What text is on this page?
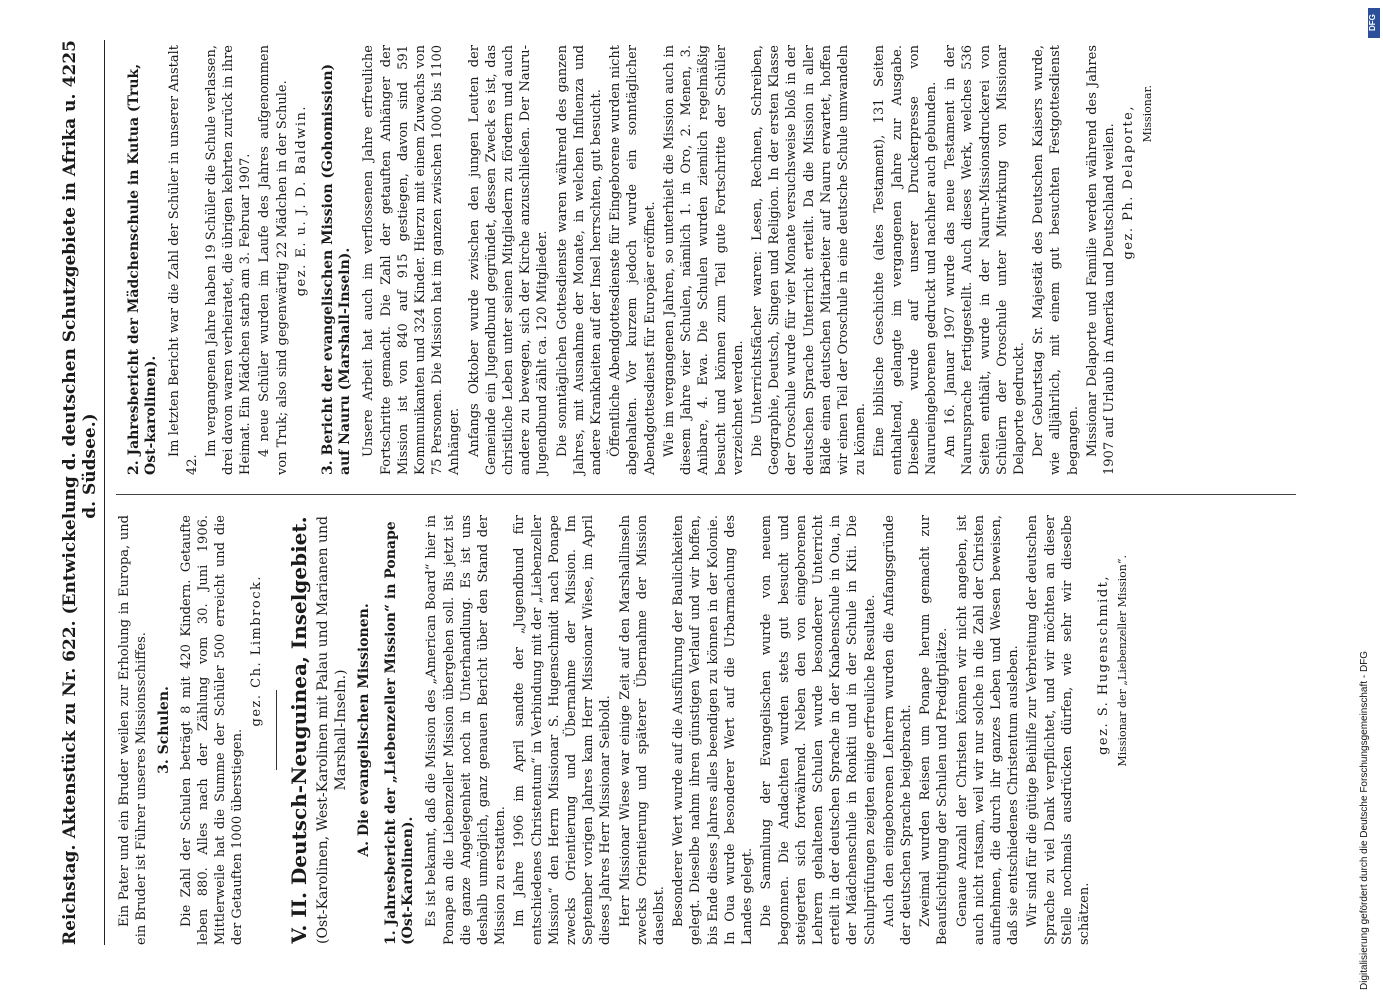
Reichstag.
Aktenstück zu Nr. 622. (Entwickelung d. deutschen Schutzgebiete in Afrika u. d. Südsee.)
4225

Ein Pater und ein Bruder weilen zur Erholung in Europa, und ein Bruder ist Führer unseres Missionsschiffes. 3. Schulen. Die Zahl der Schulen beträgt 8 mit 420 Kindern. Getaufte leben 880. Alles nach der Zählung vom 30. Juni 1906. Mittlerweile hat die Summe der Schüler 500 erreicht und die der Getauften 1000 überstiegen.

gez. Ch. Limbrock. V. II. Deutsch-Neuguinea, Inselgebiet. (Ost-Karolinen, West-Karolinen mit Palau und Marianen und Marshall-Inseln.) A. Die evangelischen Missionen. 1. Jahresbericht der „Liebenzeller Mission“ in Ponape (Ost-Karolinen). Es ist bekannt, daß die Mission des „American Board“ hier in Ponape an die Liebenzeller Mission übergehen soll. Bis jetzt ist die ganze Angelegenheit noch in Unterhandlung. Es ist uns deshalb unmöglich, ganz genauen Bericht über den Stand der Mission zu erstatten. Im Jahre 1906 im April sandte der „Jugendbund für entschiedenes Christentum“ in Verbindung mit der „Liebenzeller Mission“ den Herrn Missionar S. Hugenschmidt nach Ponape zwecks Orientierung und Übernahme der Mission. Im September vorigen Jahres kam Herr Missionar Wiese, im April dieses Jahres Herr Missionar Seibold. Herr Missionar Wiese war einige Zeit auf den Marshallinseln zwecks Orientierung und späterer Übernahme der Mission daselbst. Besonderer Wert wurde auf die Ausführung der Baulichkeiten gelegt. Dieselbe nahm ihren günstigen Verlauf und wir hoffen, bis Ende dieses Jahres alles beendigen zu können in der Kolonie. In Oua wurde besonderer Wert auf die Urbarmachung des Landes gelegt. Die Sammlung der Evangelischen wurde von neuem begonnen. Die Andachten wurden stets gut besucht und steigerten sich fortwährend. Neben den von eingeborenen Lehrern gehaltenen Schulen wurde besonderer Unterricht erteilt in der deutschen Sprache in der Knabenschule in Oua, in der Mädchenschule in Ronkiti und in der Schule in Kiti. Die Schulprüfungen zeigten einige erfreuliche Resultate. Auch den eingeborenen Lehrern wurden die Anfangsgründe der deutschen Sprache beigebracht. Zweimal wurden Reisen um Ponape herum gemacht zur Beaufsichtigung der Schulen und Predigtplätze. Genaue Anzahl der Christen können wir nicht angeben, ist auch nicht ratsam, weil wir nur solche in die Zahl der Christen aufnehmen, die durch ihr ganzes Leben und Wesen beweisen, daß sie entschiedenes Christentum ausleben. Wir sind für die gütige Beihilfe zur Verbreitung der deutschen Sprache zu viel Dank verpflichtet, und wir möchten an dieser Stelle nochmals ausdrücken dürfen, wie sehr wir dieselbe schätzen.

gez. S. Hugenschmidt, Missionar der „Liebenzeller Mission“.

2. Jahresbericht der Mädchenschule in Kutua (Truk, Ost-karolinen). Im letzten Bericht war die Zahl der Schüler in unserer Anstalt 42.

Im vergangenen Jahre haben 19 Schüler die Schule verlassen, drei davon waren verheiratet, die übrigen kehrten zurück in ihre Heimat. Ein Mädchen starb am 3. Februar 1907. 4 neue Schüler wurden im Laufe des Jahres aufgenommen von Truk; also sind gegenwärtig 22 Mädchen in der Schule. gez. E. u. J. D. Baldwin. 3. Bericht der evangelischen Mission (Gohomission) auf Nauru (Marshall-Inseln). Unsere Arbeit hat auch im verflossenen Jahre erfreuliche Fortschritte gemacht. Die Zahl der getauften Anhänger der Mission ist von 840 auf 915 gestiegen, davon sind 591 Kommunikanten und 324 Kinder. Hierzu mit einem Zuwachs von 75 Personen. Die Mission hat im ganzen zwischen 1000 bis 1100 Anhänger. Anfangs Oktober wurde zwischen den jungen Leuten der Gemeinde ein Jugendbund gegründet, dessen Zweck es ist, das christliche Leben unter seinen Mitgliedern zu fördern und auch andere zu bewegen, sich der Kirche anzuschließen. Der Nauru-Jugendbund zählt ca. 120 Mitglieder. Die sonntäglichen Gottesdienste waren während des ganzen Jahres, mit Ausnahme der Monate, in welchen Influenza und andere Krankheiten auf der Insel herrschten, gut besucht. Öffentliche Abendgottesdienste für Eingeborene wurden nicht abgehalten. Vor kurzem jedoch wurde ein sonntäglicher Abendgottesdienst für Europäer eröffnet. Wie im vergangenen Jahren, so unterhielt die Mission auch in diesem Jahre vier Schulen, nämlich 1. in Oro, 2. Menen, 3. Anibare, 4. Ewa. Die Schulen wurden ziemlich regelmäßig besucht und können zum Teil gute Fortschritte der Schüler verzeichnet werden. Die Unterrichtsfächer waren: Lesen, Rechnen, Schreiben, Geographie, Deutsch, Singen und Religion. In der ersten Klasse der Oroschule wurde für vier Monate versuchsweise bloß in der deutschen Sprache Unterricht erteilt. Da die Mission in aller Bälde einen deutschen Mitarbeiter auf Nauru erwartet, hoffen wir einen Teil der Oroschule in eine deutsche Schule umwandeln zu können. Eine biblische Geschichte (altes Testament), 131 Seiten enthaltend, gelangte im vergangenen Jahre zur Ausgabe. Dieselbe wurde auf unserer Druckerpresse von Naurueingeborenen gedruckt und nachher auch gebunden. Am 16. Januar 1907 wurde das neue Testament in der Naurusprache fertiggestellt. Auch dieses Werk, welches 536 Seiten enthält, wurde in der Nauru-Missionsdruckerei von Schülern der Oroschule unter Mitwirkung von Missionar Delaporte gedruckt. Der Geburtstag Sr. Majestät des Deutschen Kaisers wurde, wie alljährlich, mit einem gut besuchten Festgottesdienst begangen. Missionar Delaporte und Familie werden während des Jahres 1907 auf Urlaub in Amerika und Deutschland weilen. gez. Ph. Delaporte, Missionar.

DFG
Digitalisierung gefördert durch die Deutsche Forschungsgemeinschaft - DFG
